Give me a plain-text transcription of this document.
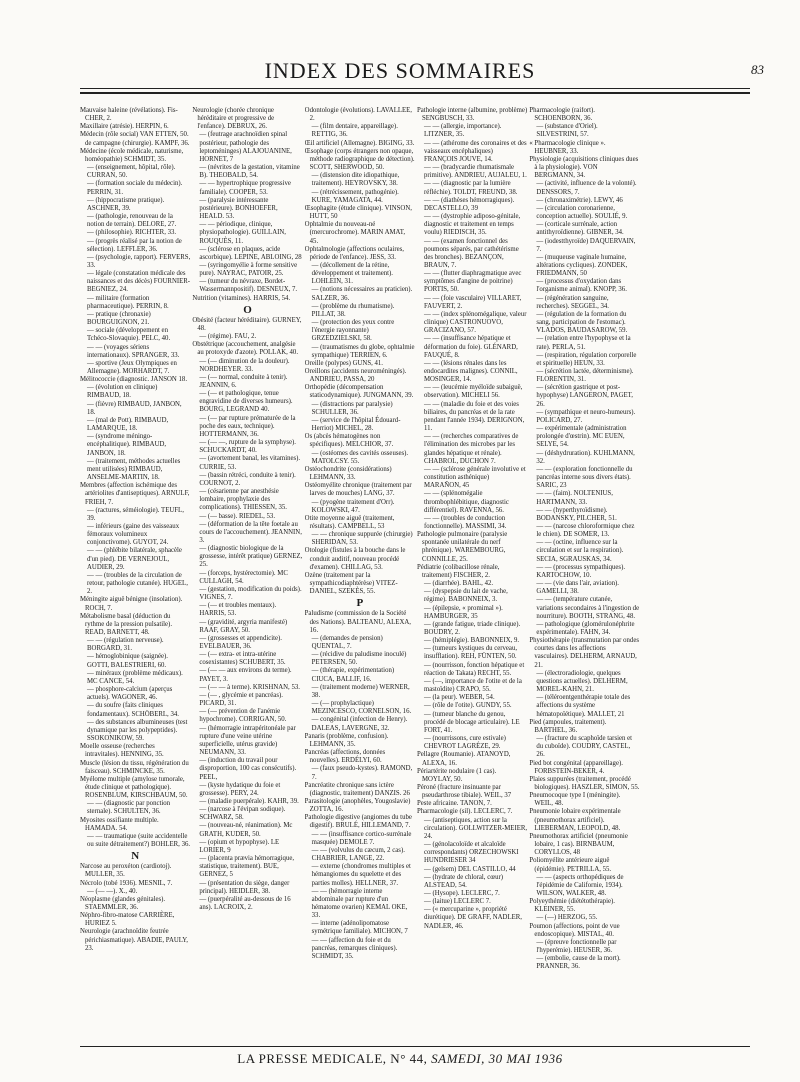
INDEX DES SOMMAIRES	83

Mauvaise haleine (révélations). Fis-CHER, 2.

Maxillaire (atrésie). HERPIN, 6.

Médecin (rôle social) VAN ETTEN, 50. de campagne (chirurgie). KAMPF, 36.

Médecine (école médicale, naturisme, homéopathie) SCHMIDT, 35.

— (enseignement, hôpital, rôle). CURRAN, 50.

— (formation sociale du médecin). PERRIN, 31.

— (hippocratisme pratique). ASCHNER, 39.

— (pathologie, renouveau de la notion de terrain). DELORE, 27.

— (philosophie). RICHTER, 33.

— (progrès réalisé par la notion de sélection). LEFFLER, 36.

— (psychologie, rapport). FERVERS, 33.

— légale (constatation médicale des naissances et des décès) FOURNIER-BEGNIEZ, 24.

— militaire (formation pharmaceutique). PERRIN, 8.

— pratique (chronaxie) BOURGUIGNON, 21.

— sociale (développement en Tchéco-Slovaquie). PELC, 40.

— — (voyages sériens internationaux). SPRANGER, 33.

— sportive (Jeux Olympiques en Allemagne). MORHARDT, 7.

Mélitococcie (diagnostic. JANSON 18.

— (évolution en clinique) RIMBAUD, 18.

— (fièvre) RIMBAUD, JANBON, 18.

— (mal de Pott). RIMBAUD, LAMARQUE, 18.

— (syndrome méningo-encéphalitique). RIMBAUD, JANBON, 18.

— (traitement, méthodes actuelles ment utilisées) RIMBAUD, ANSELME-MARTIN, 18.

Membres (affection ischémique des artériolites d'antiseptiques). ARNULF, FRIEH, 7.

— (ractures, séméiologie). TEUFL, 39.

— inférieurs (gaine des vaisseaux fémoraux volumineux conjonctivome). GUYOT, 24.

— — (phlébite bilatérale, sphacèle d'un pied). DE VERNEJOUL, AUDIER, 29.

— — (troubles de la circulation de retour, pathologie cutanée). HUGEL, 2.

Méningite aiguë bénigne (insolation). ROCH, 7.

Métabolisme basal (déduction du rythme de la pression pulsatile). READ, BARNETT, 48.

— — (régulation nerveuse). BORGARD, 31.

— hémoglobinique (saignée). GOTTI, BALESTRIERI, 60.

— minéraux (problème médicaux). MC CANCE, 54.

— phosphore-calcium (aperçus actuels). WAGONER, 46.

— du soufre (faits cliniques fondamentaux). SCHÖBERL, 34.

— des substances albumineuses (test dynamique par les polypeptides). SSOKONIKOW, 59.

Moelle osseuse (recherches intravitales). HENNING, 35.

Muscle (lésion du tissu, régénération du faisceau). SCHMINCKE, 35.

Myélome multiple (amylose tumorale, étude clinique et pathologique). ROSENBLUM, KIRSCHBAUM, 50.

— — (diagnostic par ponction sternale). SCHULTEN, 36.

Myosites ossifiante multiple. HAMADA. 54.

— — traumatique (suite accidentelle ou suite détraitement?) BOHLER, 36.

N

Narcose au peroxéton (cardiotoj). MULLER, 35.

Nécrolo (tobé 1936). MESNIL, 7.

— (— —). X., 40.

Néoplasme (glandes génitales). STAEMMLER, 36.

Néphro-fibro-matose CARRIÈRE, HURIEZ 5.

Neurologie (arachnoïdite feutrée périchiasmatique). ABADIE, PAULY, 23.

Neurologie (chorée chronique héréditaire et progressive de l'enfance). DEBRUX, 26.

— (feutrage arachnoïdien spinal postérieur, pathologie des leptoméninges) ALAJOUANINE, HORNET, 7

— (névrites de la gestation, vitamine B). THEOBALD, 54.

— — hypertrophique progressive familiale). COOPER, 53.

— (paralysie intéressante postérieure). BONHOEFER, HEALD. 53.

— — périodique, clinique, physiopathologie). GUILLAIN, ROUQUÈS, 11.

— (sclérose en plaques, acide ascorbique). LEPINE, ABLOING, 28

— (syringomyélie à forme sensitive pure). NAYRAC, PATOIR, 25.

— (tumeur du névraxe, Bordet-Wassermannpositif). DESNEUX, 7.

Nutrition (vitamines). HARRIS, 54.

O

Obésité (facteur héréditaire). GURNEY, 48.

— (régime). FAU, 2.

Obstétrique (accouchement, analgésie au protoxyde d'azote). POLLAK, 40.

— (— diminution de la douleur). NORDHEYER. 33.

— (— normal, conduite à tenir). JEANNIN, 6.

— (— et pathologique, tenue engravidine de diverses humeurs). BOURG, LEGRAND 40.

— (— par rupture prématurée de la poche des eaux, technique). HOTTERMANN, 36.

— (— —, rupture de la symphyse). SCHUCKARDT, 40.

— (avortement banal, les vitamines). CURRIE, 53.

— (bassin rétréci, conduite à tenir). COURNOT, 2.

— (césarienne par anesthésie lombaire, prophylaxie des complications). THIESSEN, 35.

— (— basse). RIEDEL, 53.

— (déformation de la tête foetale au cours de l'accouchement). JEANNIN, 3.

— (diagnostic biologique de la grossesse, intérêt pratique) GERNEZ, 25.

— (forceps, hystérectomie). MC CULLAGH, 54.

— (gestation, modification du poids). VIGNES, 7.

— (— et troubles mentaux). HARRIS, 53.

— (gravidité, argyria manifesté) RAAF, GRAY, 50.

— (grossesses et appendicite). EVELBAUER, 36.

— (— extra- et intra-utérine cosexistantes) SCHUBERT, 35.

— (— — aux environs du terme). PAYET, 3.

— (— — à terme). KRISHNAN, 53.

— (— , glycémie et pancréas). PICARD, 31.

— (— prévention de l'anémie hypochrome). CORRIGAN, 50.

— (hémorragie intrapéritonéale par rupture d'une veine utérine superficielle, utérus gravide) NEUMANN, 33.

— (induction du travail pour disproportion, 100 cas consécutifs). PEEL,

— (kyste hydatique du foie et grossesse). PERY, 24.

— (maladie puerpérale). KAHR, 39.

— (narcose à l'évipan sodique). SCHWARZ, 58.

— (nouveau-né, réanimation). Mc GRATH, KUDER, 50.

— (opium et hypophyse). LE LORIER, 9

— (placenta prævia hémorragique, statistique, traitement). BUE, GERNEZ, 5

— (présentation du siège, danger principal). HEIDLER, 38.

— (puerpéralité au-dessous de 16 ans). LACROIX, 2.

Odontologie (évolutions). LAVALLÉE, 2.

— (film dentaire, appareillage). RETTIG, 36.

Œil artificiel (Allemagne). BIGING, 33.

Œsophage (corps étrangers non opaque, méthode radiographique de détection). SCOTT, SHERWOOD, 50.

— (distension dite idiopathique, traitement). HEYROVSKY, 38.

— (rétrécissement, pathogénie). KURE, YAMAGATA, 44.

Œsophagite (étude clinique). VINSON, HUTT, 50

Ophtalmie du nouveau-né (mercurochrome). MARIN AMAT, 45.

Ophtalmologie (affections oculaires, période de l'enfance). JESS, 33.

— (décollement de la rétine, développement et traitement). LOHLEIN, 31.

— (notions nécessaires au praticien). SALZER, 36.

— (problème du rhumatisme). PILLAT, 38.

— (protection des yeux contre l'énergie rayonnante) GRZEDZIELSKI, 58.

— (traumatismes du globe, ophtalmie sympathique) TERRIEN, 6.

Oreille (polypes) GUNS, 41.

Oreillons (accidents neuroméningés). ANDRIEU, PASSA, 20

Orthopédie (décompensation staticodynamique). JUNGMANN, 39.

— (distractions par paralysie) SCHULLER, 36.

— (service de l'hôpital Édouard-Herriot) MICHEL, 28.

Os (abcès hématogènes non spécifiques). MELCHIOR, 37.

— (ostéomes des cavités osseuses). MATOLCSY. 55.

Ostéochondrite (considérations) LEHMANN, 33.

Ostéomyélite chronique (traitement par larves de mouches) LANG, 37.

— (pyogène traitement d'Orr). KOLOWSKI, 47.

Otite moyenne aiguë (traitement, résultats). CAMPBELL, 53

— — chronique suppurée (chirurgie) SHERIDAN, 53.

Otologie (fistules à la bouche dans le conduit auditif, nouveau procédé d'examen). CHILLAG, 53.

Ozène (traitement par la sympathicodiaphtérèse) VITEZ-DANIEL, SZEKÈS, 55.

P

Paludisme (commission de la Société des Nations). BALTEANU, ALEXA, 16.

— (demandes de pension) QUENTAL, 7.

— (récidive du paludisme inoculé) PETERSEN, 50.

— (thérapie, expérimentation) CIUCA, BALLIF, 16.

— (traitement moderne) WERNER, 38.

— (— prophylactique) MEZINCESCO, CORNELSON, 16.

— congénital (infection de Henry). DALEAS, LAVERGNE, 32.

Panaris (problème, confusion). LEHMANN, 35.

Pancréas (affections, données nouvelles). ERDÉLYI, 60.

— (faux pseudo-kystes). RAMOND, 7.

Pancréatite chronique sans ictère (diagnostic, traitement) DANZIS. 26

Parasitologie (anophèles, Yougoslavie) ZOTTA, 16.

Pathologie digestive (angiomes du tube digestif). BRULÉ, HILLEMAND, 7.

— — (insuffisance cortico-surrénale masquée) DEMOLE 7.

— — (volvulus du cæcum, 2 cas). CHABRIER, LANGE, 22.

— externe (chondromes multiples et hémangiomes du squelette et des parties molles). HELLNER, 37.

— — (hémorragie interne abdominale par rupture d'un hématome ovarien) KEMAL OKE, 33.

— interne (adénolipomatose symétrique familiale). MICHON, 7

— — (affection du foie et du pancréas, remarques cliniques). SCHMIDT, 35.

Pathologie interne (albumine, problème) SENGBUSCH, 33.

— — (allergie, importance). LITZNER, 35.

— — (athérome des coronaires et des vaisseaux encéphaliques) FRANÇOIS JOUVE, 14.

— — (bradycardie rhumatismale primitive). ANDRIEU, AUJALEU, 1.

— — (diagnostic par la lumière réfléchie). TOLDT, FREUND, 38.

— — (diathèses hémorragiques). DECASTELLO, 39

— — (dystrophie adiposo-génitale, diagnostic et traitement en temps voulu) RIEDISCH, 35.

— — (examen fonctionnel des poumons séparés, par cathétérisme des bronches). BEZANÇON, BRAUN, 7.

— — (flutter diaphragmatique avec symptômes d'angine de poitrine) PORTIS, 50.

— — (foie vasculaire) VILLARET, FAUVERT, 2.

— — (index splénomégalique, valeur clinique) CASTRONUOVO, GRACIZANO, 57.

— — (insuffisance hépatique et déformation du foie). GLÉNARD, FAUQUÉ, 8.

— — (lésions rénales dans les endocardites malignes). CONNIL, MOSINGER, 14.

— — (leucémie myéloïde subaiguë, observation). MICHELI 56.

— — (maladie du foie et des voies biliaires, du pancréas et de la rate pendant l'année 1934). DERIGNON, 11.

— — (recherches comparatives de l'élimination des microbes par les glandes hépatique et rénale). CHABROL, DUCHON 7.

— — (sclérose générale involutive et constitution asthénique) MARAÑON, 45

— — (splénomégalie thrombophlébitique, diagnostic différentiel). RAVENNA, 56.

— — (troubles de conduction fonctionnelle). MASSIMI, 34.

Pathologie pulmonaire (paralysie spontanée unilatérale du nerf phrénique). WAREMBOURG, CONNILLE, 25.

Pédiatrie (colibacillose rénale, traitement) FISCHER, 2.

— (diarrhée). BAHL, 42.

— (dyspepsie du lait de vache, régime). BABONNEIX, 3.

— (épilepsie, « promimal »). HAMBURGER, 35

— (grande fatigue, triade clinique). BOUDRY, 2.

— (hémiplégie). BABONNEIX, 9.

— (tumeurs kystiques du cerveau, insufflation). REH, FÜNTEN, 50.

— (nourrisson, fonction hépatique et réaction de Takata) RECHT, 55.

— (—, importance de l'otite et de la mastoïdite) CRAPO, 55.

— (la peur). WEBER, 54.

— (rôle de l'otite). GUNDY, 55.

— (tumeur blanche du genou, procédé de blocage articulaire). LE FORT, 41.

— (nourrissons, cure estivale) CHEVROT LAGRÉZE, 29.

Pellagre (Roumanie). ATANOYD, ALEXA, 16.

Périartérite nodulaire (1 cas). MOYLAY, 50.

Péroné (fracture insinuante par pseudarthrose tibiale). WEIL, 37

Peste africaine. TANON, 7.

Pharmacologie (sil). LECLERC, 7.

— (antiseptiques, action sur la circulation). GOLLWITZER-MEIER, 24.

— (génolacoloïde et alcaloïde correspondants) ORZECHOWSKI HUNDRIESER 34

— (gelsem) DEL CASTILLO, 44

— (hydrate de chloral, cœur) ALSTEAD, 54.

— (Hysope). LECLERC, 7.

— (laitue) LECLERC 7.

— (« mercuparine », propriété diurétique). DE GRAFF, NADLER, NADLER, 46.

Pharmacologie (raifort). SCHOENBORN, 36.

— (substance d'Oriel). SILVESTRINI, 57.

« Pharmacologie clinique ». HEUBNER, 33.

Physiologie (acquisitions cliniques dues à la physiologie). VON BERGMANN, 34.

— (activité, influence de la volonté). DENSSORS, 7.

— (chronaximétrie). LEWY, 46

— (circulation coronarienne, conception actuelle). SOULIÉ, 9.

— (corticale surrénale, action antithyroïdienne). GIBNER, 34.

— (iodestthyroïde) DAQUERVAIN, 7.

— (muqueuse vaginale humaine, altérations cycliques). ZONDEK, FRIEDMANN, 50

— (processus d'oxydation dans l'organisme animal). KNOPP, 36.

— (régénération sanguine, recherches). SEGGEL, 34.

— (régulation de la formation du sang, participation de l'estomac). VLADOS, BAUDASAROW, 59.

— (relation entre l'hypophyse et la rate). PERLA, 51.

— (respiration, régulation corporelle et spirituelle) HEUN, 33.

— (sécrétion lactée, déterminisme). FLORENTIN, 31.

— (sécrétion gastrique et post-hypophyse) LANGERON, PAGET, 26.

— (sympathique et neuro-humeurs). POLICARD, 27.

— expérimentale (administration prolongée d'œstrin). MC EUEN, SELYE, 54.

— (déshydruration). KUHLMANN, 32.

— — (exploration fonctionnelle du pancréas interne sous divers états). SARIC, 23

— — (faim). NOLTENIUS, HARTMANN, 33.

— — (hyperthyroïdisme). BODANSKY, PILCHER, 51.

— — (narcose chloroformique chez le chien). DE SOMER, 13.

— — (octine, influence sur la circulation et sur la respiration). SECIA, SGRAUSKAS, 34.

— — (processus sympathiques). KARTOCHOW, 10.

— — (vie dans l'air, aviation). GAMELLI, 38.

— — (température cutanée, variations secondaires à l'ingestion de nourriture). BOOTH, STRANG, 48.

— pathologique (glomérulonéphrite expérimentale). FAHN, 34.

Physiothérapie (transmutation par ondes courtes dans les affections vasculaires). DELHERM, ARNAUD, 21.

— (électroradiologie, quelques questions actuelles). DELHERM, MOREL-KAHN, 21.

— (téléroentgenthérapie totale des affections du système hématopoïétique). MALLET, 21

Pied (ampoules, traitement). BARTHEL, 36.

— (fracture du scaphoïde tarsien et du cuboïde). COUDRY, CASTEL, 26.

Pied bot congénital (appareillage). FORBSTEIN-BEKER, 4.

Plaies suppurées (traitement, procédé biologiques). HASZLER, SIMON, 55.

Pneumocoque type I (méningite). WEIL, 48.

Pneumonie lobaire expérimentale (pneumothorax artificiel). LIEBERMAN, LEOPOLD, 48.

Pneumothorax artificiel (pneumonie lobaire, 1 cas). BIRNBAUM, CORYLLOS, 48

Poliomyélite antérieure aiguë (épidémie). PETRILLA, 55.

— — (aspects orthopédiques de l'épidémie de Californie, 1934). WILSON, WALKER, 48.

Polyeythémie (diététothérapie). KLEINER, 55.

— (—) HERZOG, 55.

Poumon (affections, point de vue endoscopique). MISTAL, 40.

— (épreuve fonctionnelle par l'hyperémie). HEUSER, 36.

— (embolie, cause de la mort). PRANNER, 36.

LA PRESSE MEDICALE, N° 44, SAMEDI, 30 MAI 1936
